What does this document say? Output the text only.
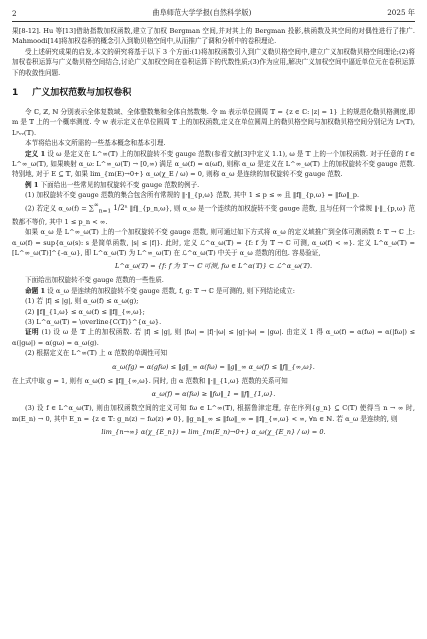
2	曲阜师范大学学报(自然科学版)	2025 年

果[8-12]. Hu 等[13]借助指数加权函数,建立了加权 Bergman 空间,并对其上的 Bergman 投影,核函数及其空间的对偶性进行了推广. Mahmoodi[14]将加权卷积的概念引入到勒贝格空间中,从而推广了调和分析中的卷积理论.

受上述研究成果的启发,本文的研究将基于以下 3 个方面:(1)将加权函数引入到广义勒贝格空间中,建立广义加权勒贝格空间理论;(2)将加权卷积运算与广义勒贝格空间结合,讨论广义加权空间在卷积运算下的代数性质;(3)作为应用,解决广义加权空间中逼近单位元在卷积运算下的收敛性问题.

1 广义加权范数与加权卷积

令 ℂ, ℤ, ℕ 分别表示全体复数域、全体整数集和全体自然数集. 令 m 表示单位圆周 𝕋 = {z ∈ ℂ: |z| = 1} 上的规范化勒贝格测度,即 m 是 𝕋 上的一个概率测度. 令 w 表示定义在单位圆周 𝕋 上的加权函数,定义在单位圆周上的勒贝格空间与加权勒贝格空间分别记为 Lᵖ(𝕋), Lᵖᵥᵥ(𝕋).

本节将给出本文所需的一些基本概念和基本引理.

定义 1 设 ω 是定义在 L^∞(𝕋) 上的加权旋转不变 gauge 范数(参看文献[3]中定义 1.1), ω 是 𝕋 上的一个加权函数. 对于任意的 f ∈ L^∞_ω(𝕋), 如果映射 α_ω: L^∞_ω(𝕋) → [0,∞) 满足 α_ω(f) = α(ωf), 则称 α_ω 是定义在 L^∞_ω(𝕋) 上的加权旋转不变 gauge 范数. 特别地, 对于 E ⊆ 𝕋, 如果 lim_{m(E)→0+} α_ω(χ_E / ω) = 0, 则称 α_ω 是连续的加权旋转不变 gauge 范数.

例 1 下面给出一些常见的加权旋转不变 gauge 范数的例子.

(1) 加权旋转不变 gauge 范数的集合包含所有常规的 ‖·‖_{p,ω} 范数, 其中 1 ≤ p ≤ ∞ 且 ‖f‖_{p,ω} = ‖fω‖_p.

(2) 若定义 α_ω(f) = $\sum^\infty_{n=1}$ 1/2ⁿ ‖f‖_{p_n,ω}, 则 α_ω 是一个连续的加权旋转不变 gauge 范数, 且与任何一个常规 ‖·‖_{p,ω} 范数都不等价, 其中 1 ≤ p_n < ∞.

如果 α_ω 是 L^∞_ω(𝕋) 上的一个加权旋转不变 gauge 范数, 则可通过如下方式将 α_ω 的定义域推广到全体可测函数 f: 𝕋 → ℂ 上: α_ω(f) = sup{α_ω(s): s 是简单函数, |s| ≤ |f|}. 此时, 定义 ℒ^α_ω(𝕋) = {f: f 为 𝕋 → ℂ 可测, α_ω(f) < ∞}. 定义 L^α_ω(𝕋) = [L^∞_ω(𝕋)]^{-α_ω}, 即 L^α_ω(𝕋) 为 L^∞_ω(𝕋) 在 ℒ^α_ω(𝕋) 中关于 α_ω 范数的闭包. 容易验证,

L^α_ω(𝕋) = {f: f 为 𝕋 → ℂ 可测, fω ∈ L^α(𝕋)} ⊂ ℒ^α_ω(𝕋).

下面给出加权旋转不变 gauge 范数的一些性质.

命题 1 设 α_ω 是连续的加权旋转不变 gauge 范数, f, g: 𝕋 → ℂ 是可测的, 则下列结论成立:

(1) 若 |f| ≤ |g|, 则 α_ω(f) ≤ α_ω(g);

(2) ‖f‖_{1,ω} ≤ α_ω(f) ≤ ‖f‖_{∞,ω};

(3) L^α_ω(𝕋) = \overline{C(𝕋)}^{α_ω}.

证明 (1) 设 ω 是 𝕋 上的加权函数. 若 |f| ≤ |g|, 则 |fω| = |f|·|ω| ≤ |g|·|ω| = |gω|. 由定义 1 得 α_ω(f) = α(fω) = α(|fω|) ≤ α(|gω|) = α(gω) = α_ω(g).

(2) 根据定义在 L^∞(𝕋) 上 α 范数的单调性可知

α_ω(fg) = α(gfω) ≤ ‖g‖_∞ α(fω) = ‖g‖_∞ α_ω(f) ≤ ‖f‖_{∞,ω}.

在上式中取 g = 1, 则有 α_ω(f) ≤ ‖f‖_{∞,ω}. 同时, 由 α 范数和 ‖·‖_{1,ω} 范数的关系可知

α_ω(f) = α(fω) ≥ ‖fω‖_1 = ‖f‖_{1,ω}.

(3) 设 f ∈ L^α_ω(𝕋), 则由加权函数空间的定义可知 fω ∈ L^∞(𝕋), 根据鲁津定理, 存在序列{g_n} ⊆ C(𝕋) 使得当 n → ∞ 时, m(E_n) → 0, 其中 E_n = {z ∈ 𝕋: g_n(z) − fω(z) ≠ 0}, ‖g_n‖_∞ ≤ ‖fω‖_∞ = ‖f‖_{∞,ω} < ∞, ∀n ∈ ℕ. 若 α_ω 是连续的, 则

lim_{n→∞} α(χ_{E_n}) = lim_{m(E_n)→0+} α_ω(χ_{E_n} / ω) = 0.
